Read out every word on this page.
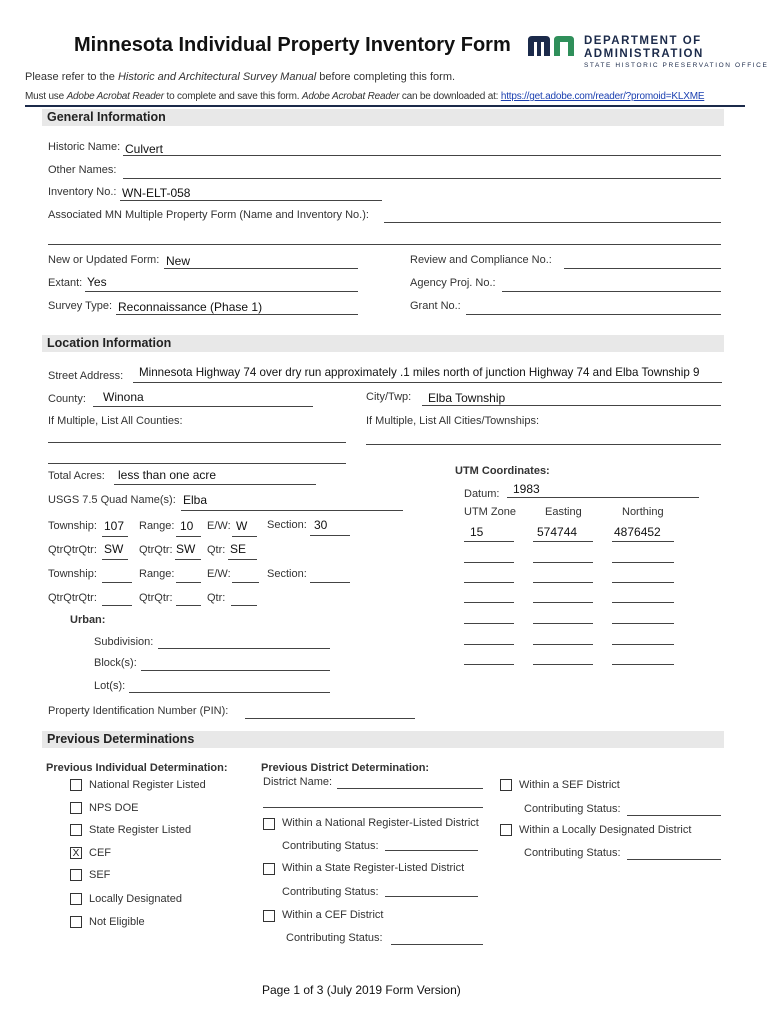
Minnesota Individual Property Inventory Form	DEPARTMENT OF
ADMINISTRATION
STATE HISTORIC PRESERVATION OFFICE
Please refer to the Historic and Architectural Survey Manual before completing this form.
Must use Adobe Acrobat Reader to complete and save this form. Adobe Acrobat Reader can be downloaded at: https://get.adobe.com/reader/?promoid=KLXME
General Information
Historic Name: Culvert
Other Names:
Inventory No.: WN-ELT-058
Associated MN Multiple Property Form (Name and Inventory No.):
New or Updated Form: New
Extant: Yes
Survey Type: Reconnaissance (Phase 1)
Review and Compliance No.:
Agency Proj. No.:
Grant No.:
Location Information
Street Address: Minnesota Highway 74 over dry run approximately .1 miles north of junction Highway 74 and Elba Township 9
County: Winona	City/Twp: Elba Township
If Multiple, List All Counties:	If Multiple, List All Cities/Townships:
Total Acres: less than one acre
USGS 7.5 Quad Name(s): Elba
Township: 107 Range: 10 E/W: W Section: 30
QtrQtrQtr: SW QtrQtr: SW Qtr: SE
Township:	Range:	E/W:	Section:
QtrQtrQtr:	QtrQtr:	Qtr:
Urban:
Subdivision:
Block(s):
Lot(s):
Property Identification Number (PIN):
UTM Coordinates:
Datum: 1983
UTM Zone	Easting	Northing
15	574744	4876452
Previous Determinations
Previous Individual Determination:
National Register Listed
NPS DOE
State Register Listed
X CEF
SEF
Locally Designated
Not Eligible
Previous District Determination:
District Name:
Within a National Register-Listed District
Contributing Status:
Within a State Register-Listed District
Contributing Status:
Within a CEF District
Contributing Status:
Within a SEF District
Contributing Status:
Within a Locally Designated District
Contributing Status:
Page 1 of 3 (July 2019 Form Version)
